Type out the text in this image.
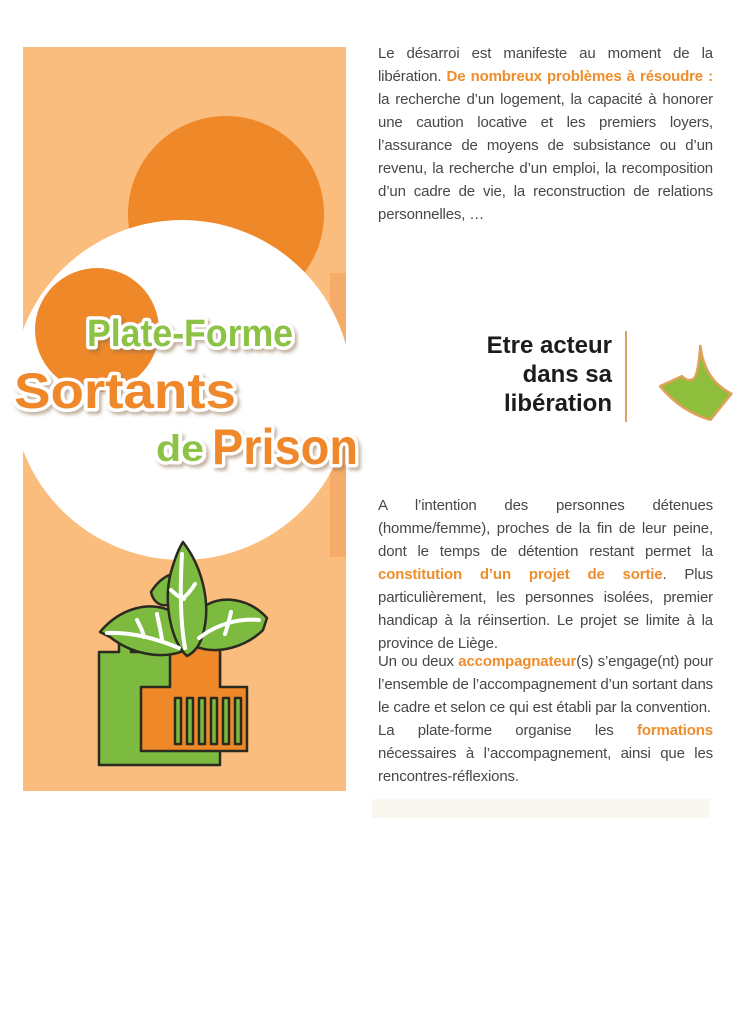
Plate-Forme
Sortants
de Prison

Le désarroi est manifeste au moment de la libération. De nombreux problèmes à résoudre : la recherche d’un logement, la capacité à honorer une caution locative et les premiers loyers, l’assurance de moyens de subsistance ou d’un revenu, la recherche d’un emploi, la recomposition d’un cadre de vie, la reconstruction de relations personnelles, …

Etre acteur
dans sa
libération

A l’intention des personnes détenues (homme/femme), proches de la fin de leur peine, dont le temps de détention restant permet la constitution d’un projet de sortie. Plus particulièrement, les personnes isolées, premier handicap à la réinsertion. Le projet se limite à la province de Liège.

Un ou deux accompagnateur(s) s’engage(nt) pour l’ensemble de l’accompagnement d’un sortant dans le cadre et selon ce qui est établi par la convention.

La plate-forme organise les formations nécessaires à l’accompagnement, ainsi que les rencontres-réflexions.
